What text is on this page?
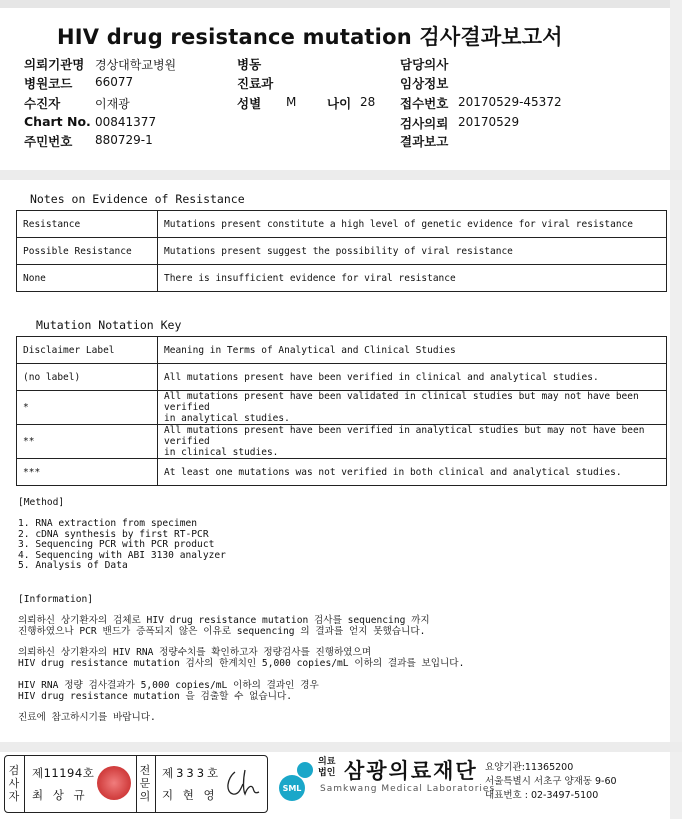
HIV drug resistance mutation 검사결과보고서
의뢰기관명 경상대학교병원
병원코드 66077
수진자	이재광
Chart No. 00841377
주민번호 880729-1
병동
진료과
성별 M 나이 28
담당의사
임상정보
접수번호 20170529-45372
검사의뢰 20170529
결과보고
Notes on Evidence of Resistance
Resistance	Mutations present constitute a high level of genetic evidence for viral resistance
Possible Resistance	Mutations present suggest the possibility of viral resistance
None	There is insufficient evidence for viral resistance
Mutation Notation Key
Disclaimer Label	Meaning in Terms of Analytical and Clinical Studies
(no label)	All mutations present have been verified in clinical and analytical studies.
*	All mutations present have been validated in clinical studies but may not have been verified
in analytical studies.
**	All mutations present have been verified in analytical studies but may not have been verified
in clinical studies.
***	At least one mutations was not verified in both clinical and analytical studies.
[Method]
1. RNA extraction from specimen
2. cDNA synthesis by first RT-PCR
3. Sequencing PCR with PCR product
4. Sequencing with ABI 3130 analyzer
5. Analysis of Data
[Information]
의뢰하신 상기환자의 검체로 HIV drug resistance mutation 검사를 sequencing 까지
진행하였으나 PCR 밴드가 증폭되지 않은 이유로 sequencing 의 결과를 얻지 못했습니다.
의뢰하신 상기환자의 HIV RNA 정량수치를 확인하고자 정량검사를 진행하였으며
HIV drug resistance mutation 검사의 한계치인 5,000 copies/mL 이하의 결과를 보입니다.
HIV RNA 정량 검사결과가 5,000 copies/mL 이하의 결과인 경우
HIV drug resistance mutation 을 검출할 수 없습니다.
진료에 참고하시기를 바랍니다.
검
사
자
제11194호
최 상 규
전
문
의
제333호
지 현 영	SML
의료법인 삼광의료재단
Samkwang Medical Laboratories
요양기관:11365200
서울특별시 서초구 양재동 9-60
대표번호 : 02-3497-5100
